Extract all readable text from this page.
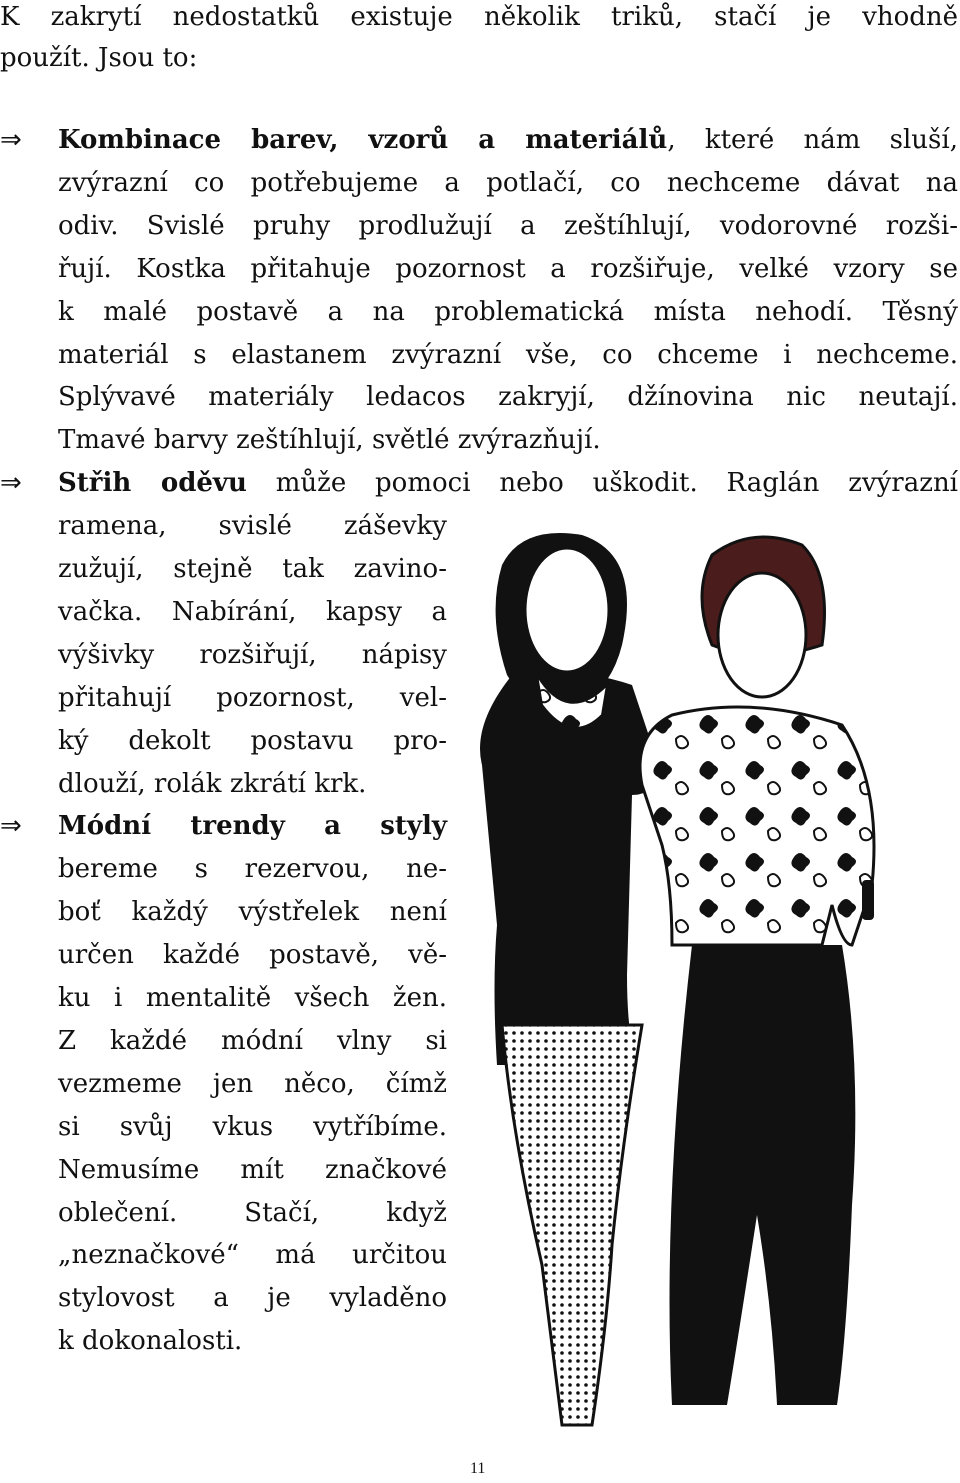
K zakrytí nedostatků existuje několik triků, stačí je vhodně
použít. Jsou to:
⇒ Kombinace barev, vzorů a materiálů, které nám sluší,
zvýrazní co potřebujeme a potlačí, co nechceme dávat na
odiv. Svislé pruhy prodlužují a zeštíhlují, vodorovné rozši-
řují. Kostka přitahuje pozornost a rozšiřuje, velké vzory se
k malé postavě a na problematická místa nehodí. Těsný
materiál s elastanem zvýrazní vše, co chceme i nechceme.
Splývavé materiály ledacos zakryjí, džínovina nic neutají.
Tmavé barvy zeštíhlují, světlé zvýrazňují.
⇒ Střih oděvu může pomoci nebo uškodit. Raglán zvýrazní
ramena, svislé záševky
zužují, stejně tak zavino-
vačka. Nabírání, kapsy a
výšivky rozšiřují, nápisy
přitahují pozornost, vel-
ký dekolt postavu pro-
dlouží, rolák zkrátí krk.
⇒ Módní trendy a styly
bereme s rezervou, ne-
boť každý výstřelek není
určen každé postavě, vě-
ku i mentalitě všech žen.
Z každé módní vlny si
vezmeme jen něco, čímž
si svůj vkus vytříbíme.
Nemusíme mít značkové
oblečení. Stačí, když
„neznačkové“ má určitou
stylovost a je vyladěno
k dokonalosti.
11
